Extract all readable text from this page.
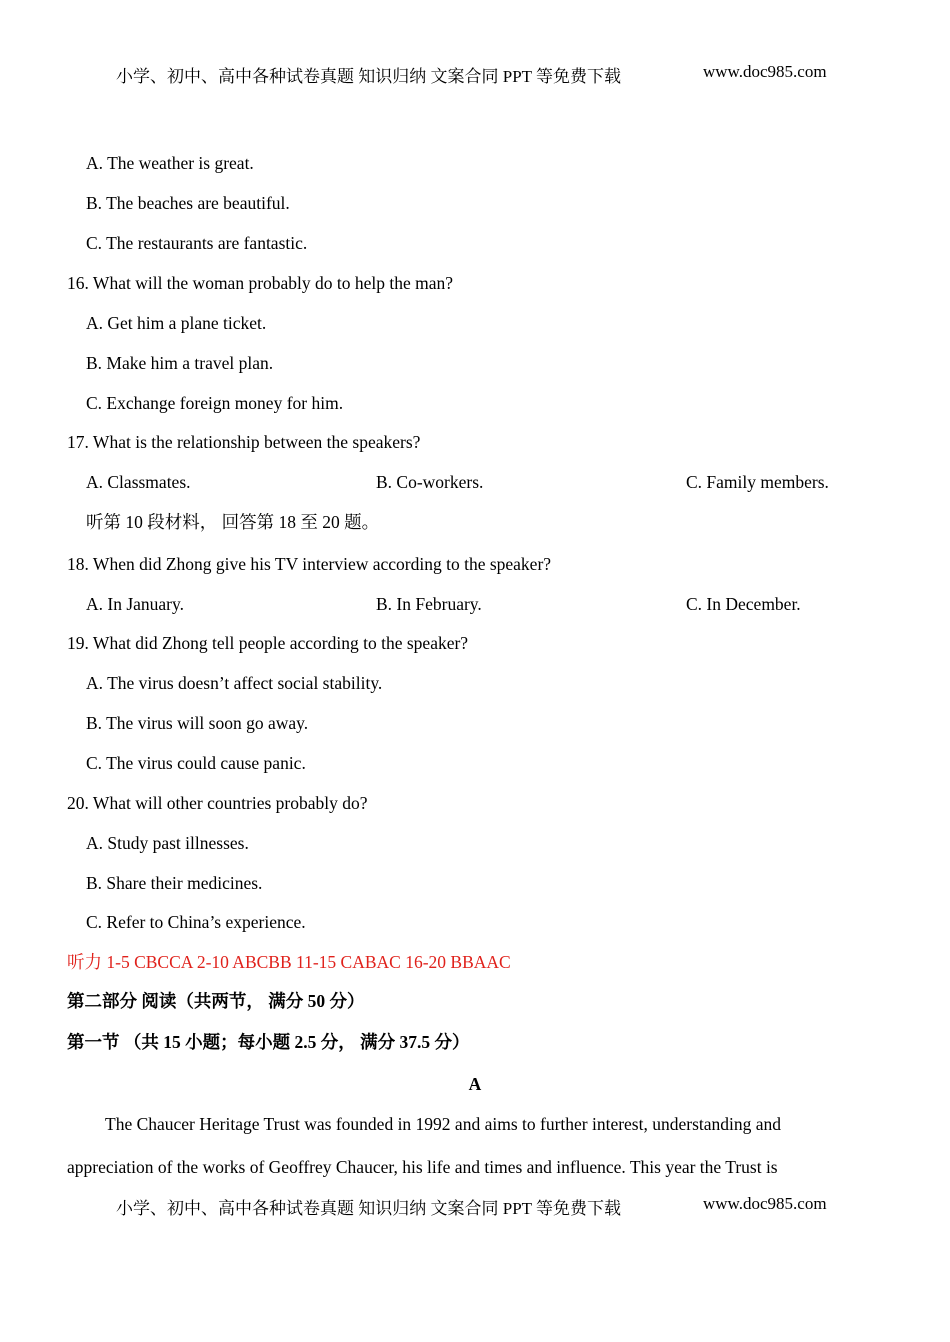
小学、初中、高中各种试卷真题 知识归纳 文案合同 PPT 等免费下载	www.doc985.com
A. The weather is great.
B. The beaches are beautiful.
C. The restaurants are fantastic.
16. What will the woman probably do to help the man?
A. Get him a plane ticket.
B. Make him a travel plan.
C. Exchange foreign money for him.
17. What is the relationship between the speakers?
A. Classmates.	B. Co-workers.	C. Family members.
听第 10 段材料， 回答第 18 至 20 题。
18. When did Zhong give his TV interview according to the speaker?
A. In January.	B. In February.	C. In December.
19. What did Zhong tell people according to the speaker?
A. The virus doesn’t affect social stability.
B. The virus will soon go away.
C. The virus could cause panic.
20. What will other countries probably do?
A. Study past illnesses.
B. Share their medicines.
C. Refer to China’s experience.
听力 1-5 CBCCA 2-10 ABCBB 11-15 CABAC 16-20 BBAAC
第二部分 阅读（共两节， 满分 50 分）
第一节 （共 15 小题；每小题 2.5 分， 满分 37.5 分）
A
The Chaucer Heritage Trust was founded in 1992 and aims to further interest, understanding and
appreciation of the works of Geoffrey Chaucer, his life and times and influence. This year the Trust is
小学、初中、高中各种试卷真题 知识归纳 文案合同 PPT 等免费下载	www.doc985.com
